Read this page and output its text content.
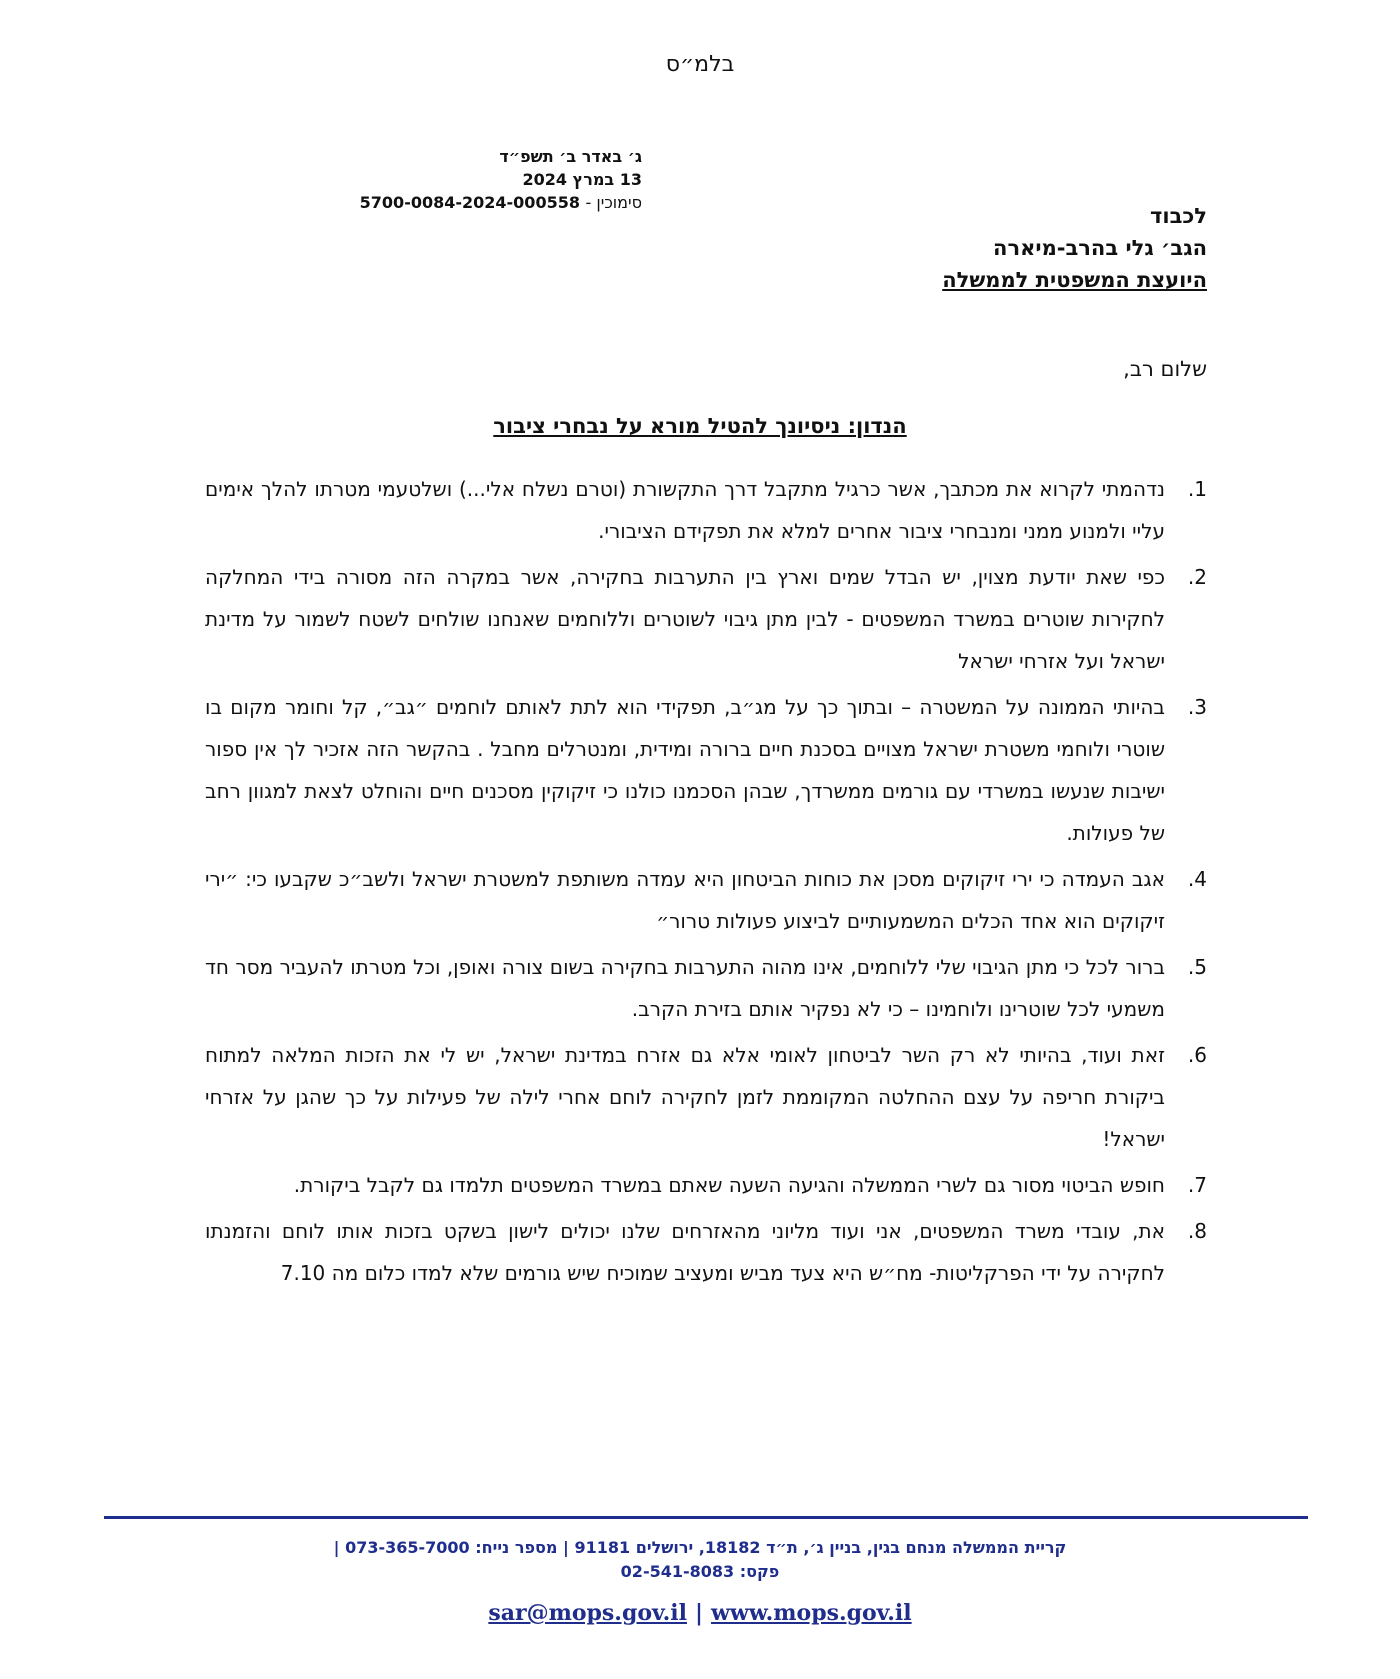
בלמ״ס
ג׳ באדר ב׳ תשפ״ד
13 במרץ 2024
סימוכין - 5700-0084-2024-000558
לכבוד
הגב׳ גלי בהרב-מיארה
היועצת המשפטית לממשלה
שלום רב,
הנדון: ניסיונך להטיל מורא על נבחרי ציבור
1.
נדהמתי לקרוא את מכתבך, אשר כרגיל מתקבל דרך התקשורת (וטרם נשלח אלי...) ושלטעמי מטרתו להלך אימים עליי ולמנוע ממני ומנבחרי ציבור אחרים למלא את תפקידם הציבורי.
2.
כפי שאת יודעת מצוין, יש הבדל שמים וארץ בין התערבות בחקירה, אשר במקרה הזה מסורה בידי המחלקה לחקירות שוטרים במשרד המשפטים - לבין מתן גיבוי לשוטרים וללוחמים שאנחנו שולחים לשטח לשמור על מדינת ישראל ועל אזרחי ישראל
3.
בהיותי הממונה על המשטרה – ובתוך כך על מג״ב, תפקידי הוא לתת לאותם לוחמים ״גב״, קל וחומר מקום בו שוטרי ולוחמי משטרת ישראל מצויים בסכנת חיים ברורה ומידית, ומנטרלים מחבל . בהקשר הזה אזכיר לך אין ספור ישיבות שנעשו במשרדי עם גורמים ממשרדך, שבהן הסכמנו כולנו כי זיקוקין מסכנים חיים והוחלט לצאת למגוון רחב של פעולות.
4.
אגב העמדה כי ירי זיקוקים מסכן את כוחות הביטחון היא עמדה משותפת למשטרת ישראל ולשב״כ שקבעו כי: ״ירי זיקוקים הוא אחד הכלים המשמעותיים לביצוע פעולות טרור״
5.
ברור לכל כי מתן הגיבוי שלי ללוחמים, אינו מהוה התערבות בחקירה בשום צורה ואופן, וכל מטרתו להעביר מסר חד משמעי לכל שוטרינו ולוחמינו – כי לא נפקיר אותם בזירת הקרב.
6.
זאת ועוד, בהיותי לא רק השר לביטחון לאומי אלא גם אזרח במדינת ישראל, יש לי את הזכות המלאה למתוח ביקורת חריפה על עצם ההחלטה המקוממת לזמן לחקירה לוחם אחרי לילה של פעילות על כך שהגן על אזרחי ישראל!
7.
חופש הביטוי מסור גם לשרי הממשלה והגיעה השעה שאתם במשרד המשפטים תלמדו גם לקבל ביקורת.
8.
את, עובדי משרד המשפטים, אני ועוד מליוני מהאזרחים שלנו יכולים לישון בשקט בזכות אותו לוחם והזמנתו לחקירה על ידי הפרקליטות- מח״ש היא צעד מביש ומעציב שמוכיח שיש גורמים שלא למדו כלום מה 7.10
קריית הממשלה מנחם בגין, בניין ג׳, ת״ד 18182, ירושלים 91181 | מספר נייח: 073-365-7000 |
פקס: 02-541-8083
sar@mops.gov.il | www.mops.gov.il
